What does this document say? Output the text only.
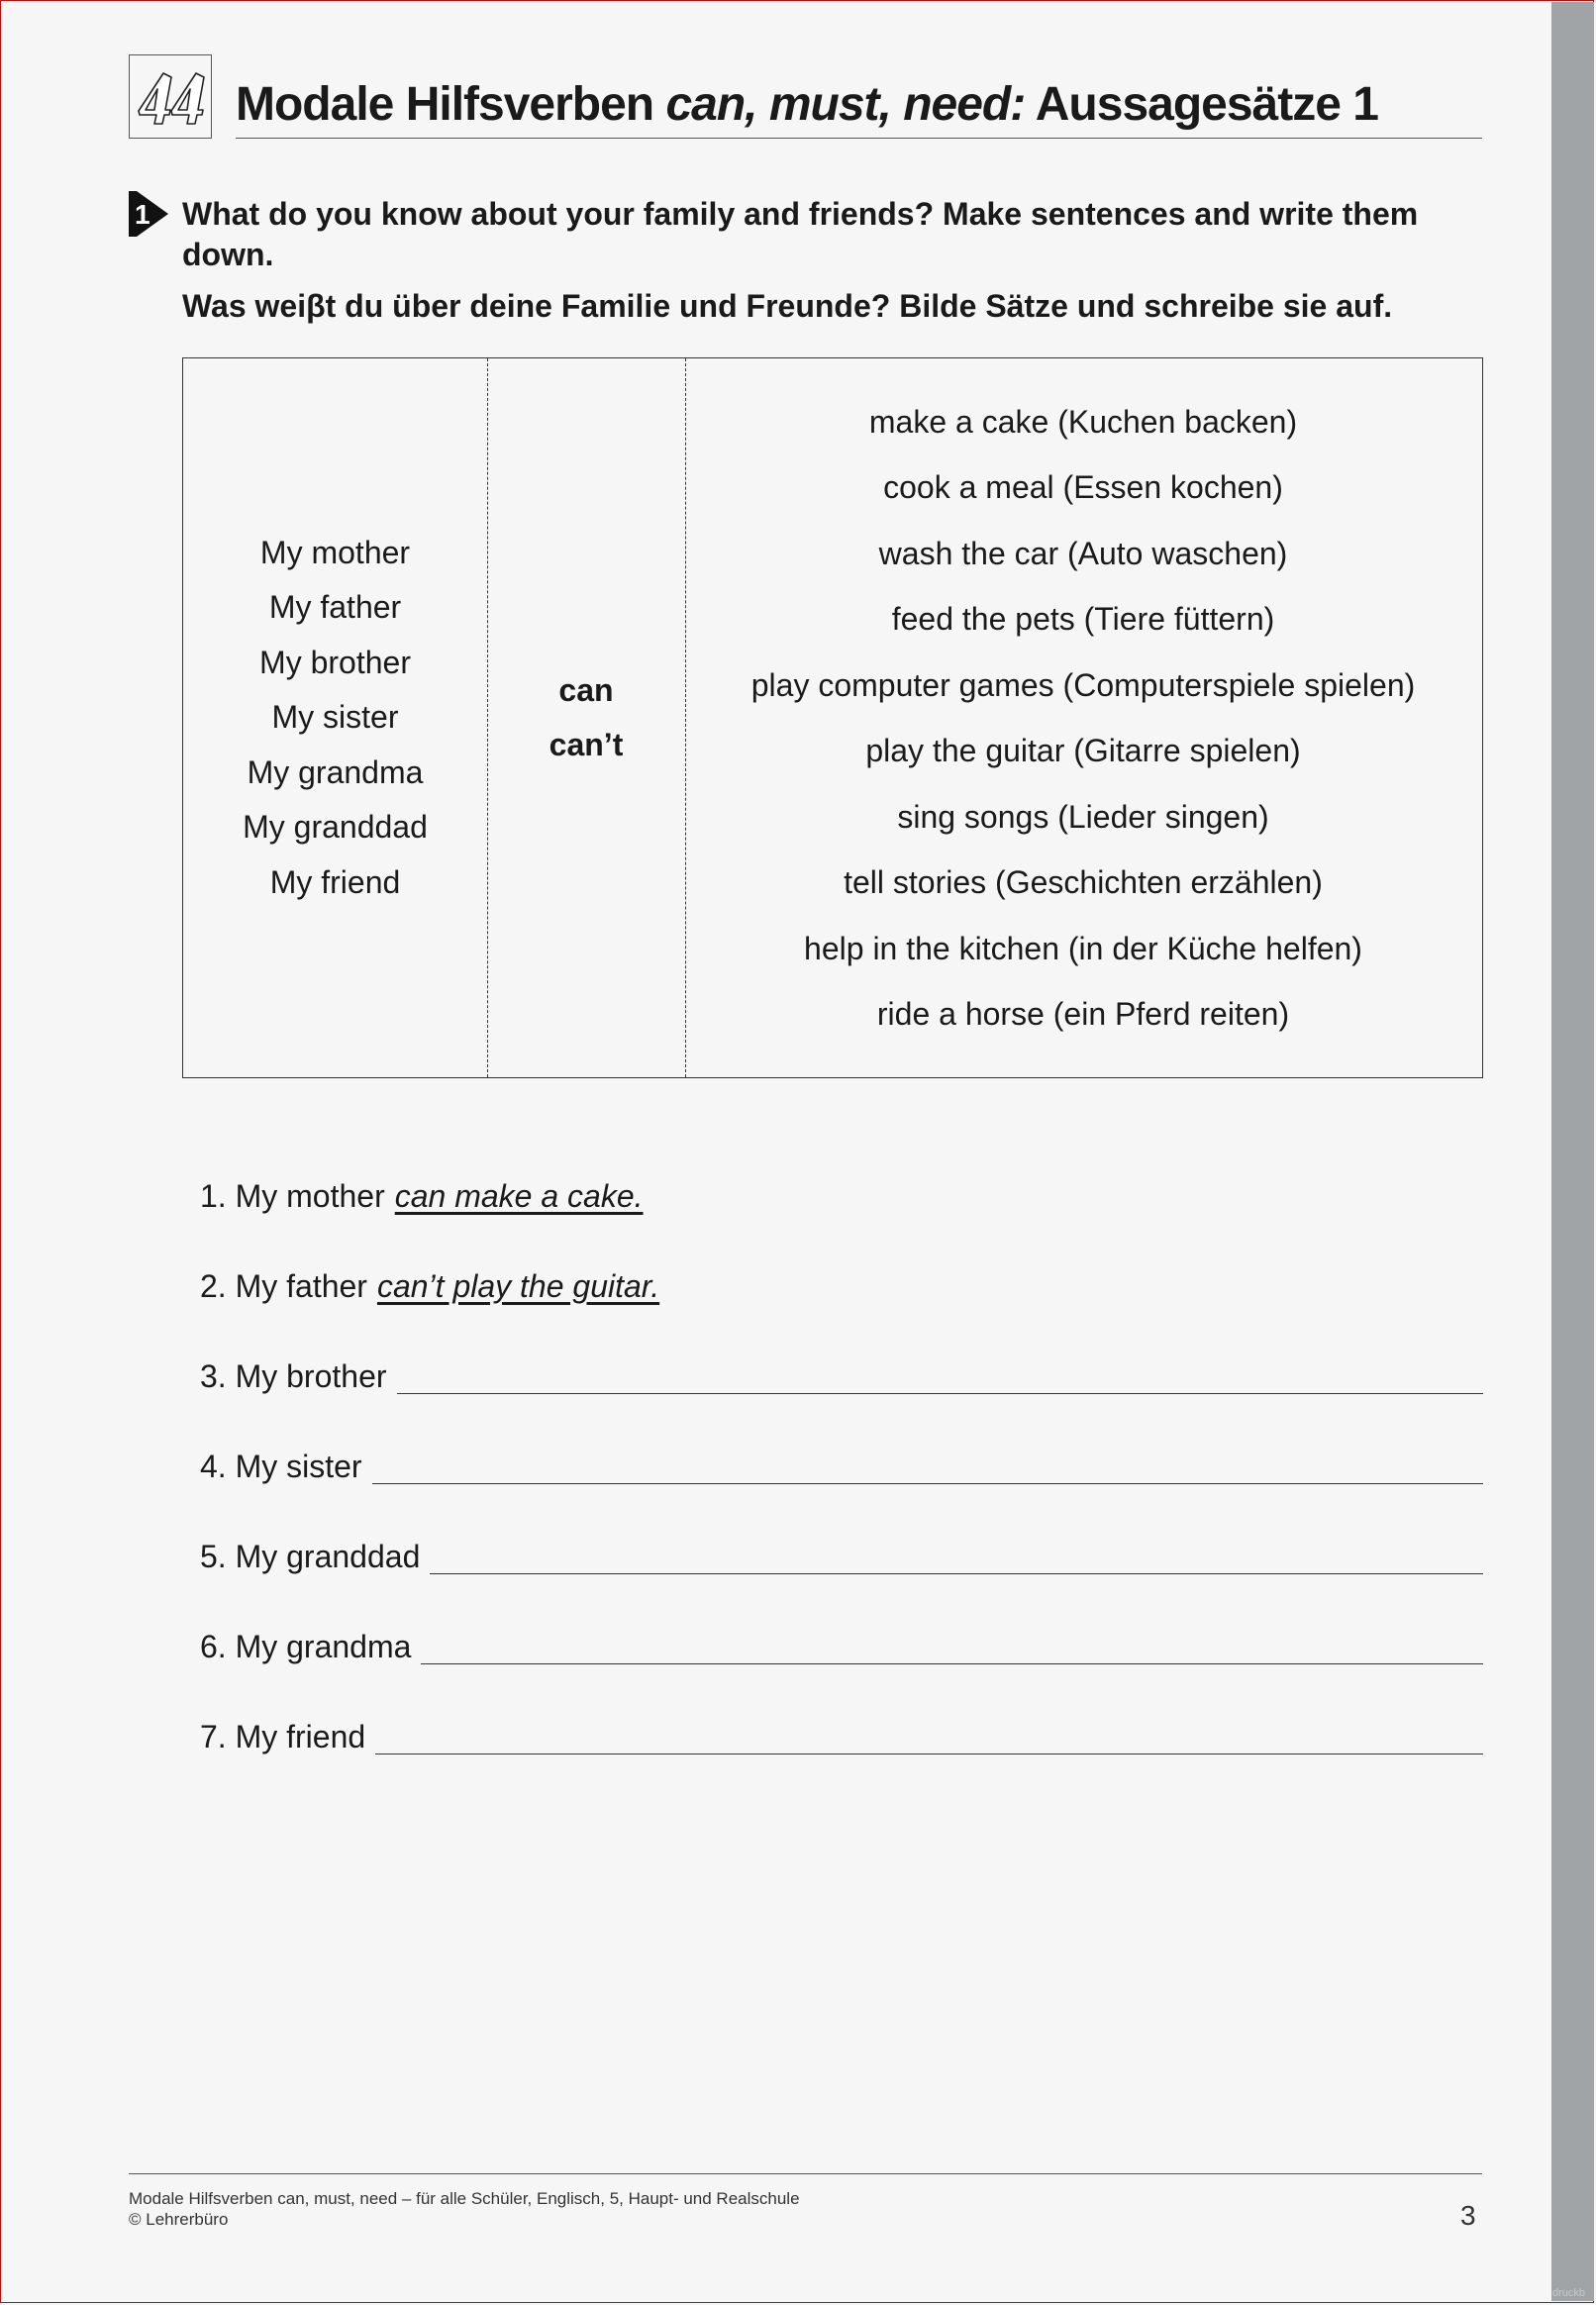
druckb
Modale Hilfsverben can, must, need: Aussagesätze 1
1 What do you know about your family and friends? Make sentences and write them down.

Was weiβt du über deine Familie und Freunde? Bilde Sätze und schreibe sie auf.

My mother
My father
My brother
My sister
My grandma
My granddad
My friend
can
can’t
make a cake (Kuchen backen)
cook a meal (Essen kochen)
wash the car (Auto waschen)
feed the pets (Tiere füttern)
play computer games (Computerspiele spielen)
play the guitar (Gitarre spielen)
sing songs (Lieder singen)
tell stories (Geschichten erzählen)
help in the kitchen (in der Küche helfen)
ride a horse (ein Pferd reiten)
1. My mother can make a cake.
2. My father can’t play the guitar.
3. My brother
4. My sister
5. My granddad
6. My grandma
7. My friend
Modale Hilfsverben can, must, need – für alle Schüler, Englisch, 5, Haupt- und Realschule
© Lehrerbüro	3
